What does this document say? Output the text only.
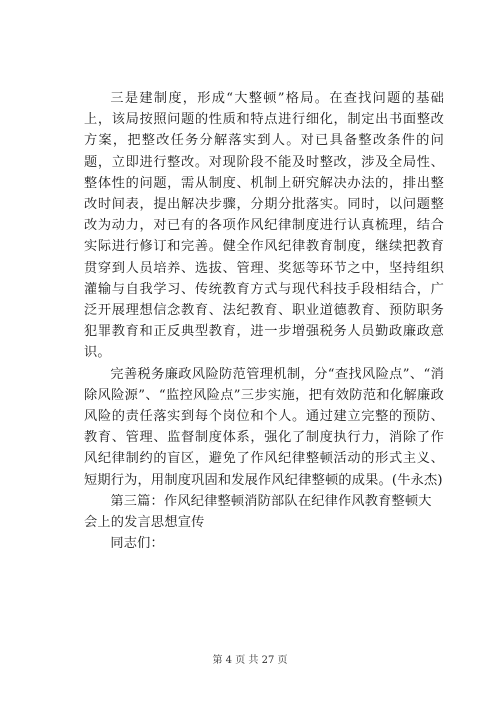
三是建制度，形成“大整顿”格局。在查找问题的基础上，该局按照问题的性质和特点进行细化，制定出书面整改方案，把整改任务分解落实到人。对已具备整改条件的问题，立即进行整改。对现阶段不能及时整改，涉及全局性、整体性的问题，需从制度、机制上研究解决办法的，排出整改时间表，提出解决步骤，分期分批落实。同时，以问题整改为动力，对已有的各项作风纪律制度进行认真梳理，结合实际进行修订和完善。健全作风纪律教育制度，继续把教育贯穿到人员培养、选拔、管理、奖惩等环节之中，坚持组织灌输与自我学习、传统教育方式与现代科技手段相结合，广泛开展理想信念教育、法纪教育、职业道德教育、预防职务犯罪教育和正反典型教育，进一步增强税务人员勤政廉政意识。

完善税务廉政风险防范管理机制，分“查找风险点”、“消除风险源”、“监控风险点”三步实施，把有效防范和化解廉政风险的责任落实到每个岗位和个人。通过建立完整的预防、教育、管理、监督制度体系，强化了制度执行力，消除了作风纪律制约的盲区，避免了作风纪律整顿活动的形式主义、短期行为，用制度巩固和发展作风纪律整顿的成果。(牛永杰)

第三篇：作风纪律整顿消防部队在纪律作风教育整顿大会上的发言思想宣传

同志们：

第 4 页 共 27 页
